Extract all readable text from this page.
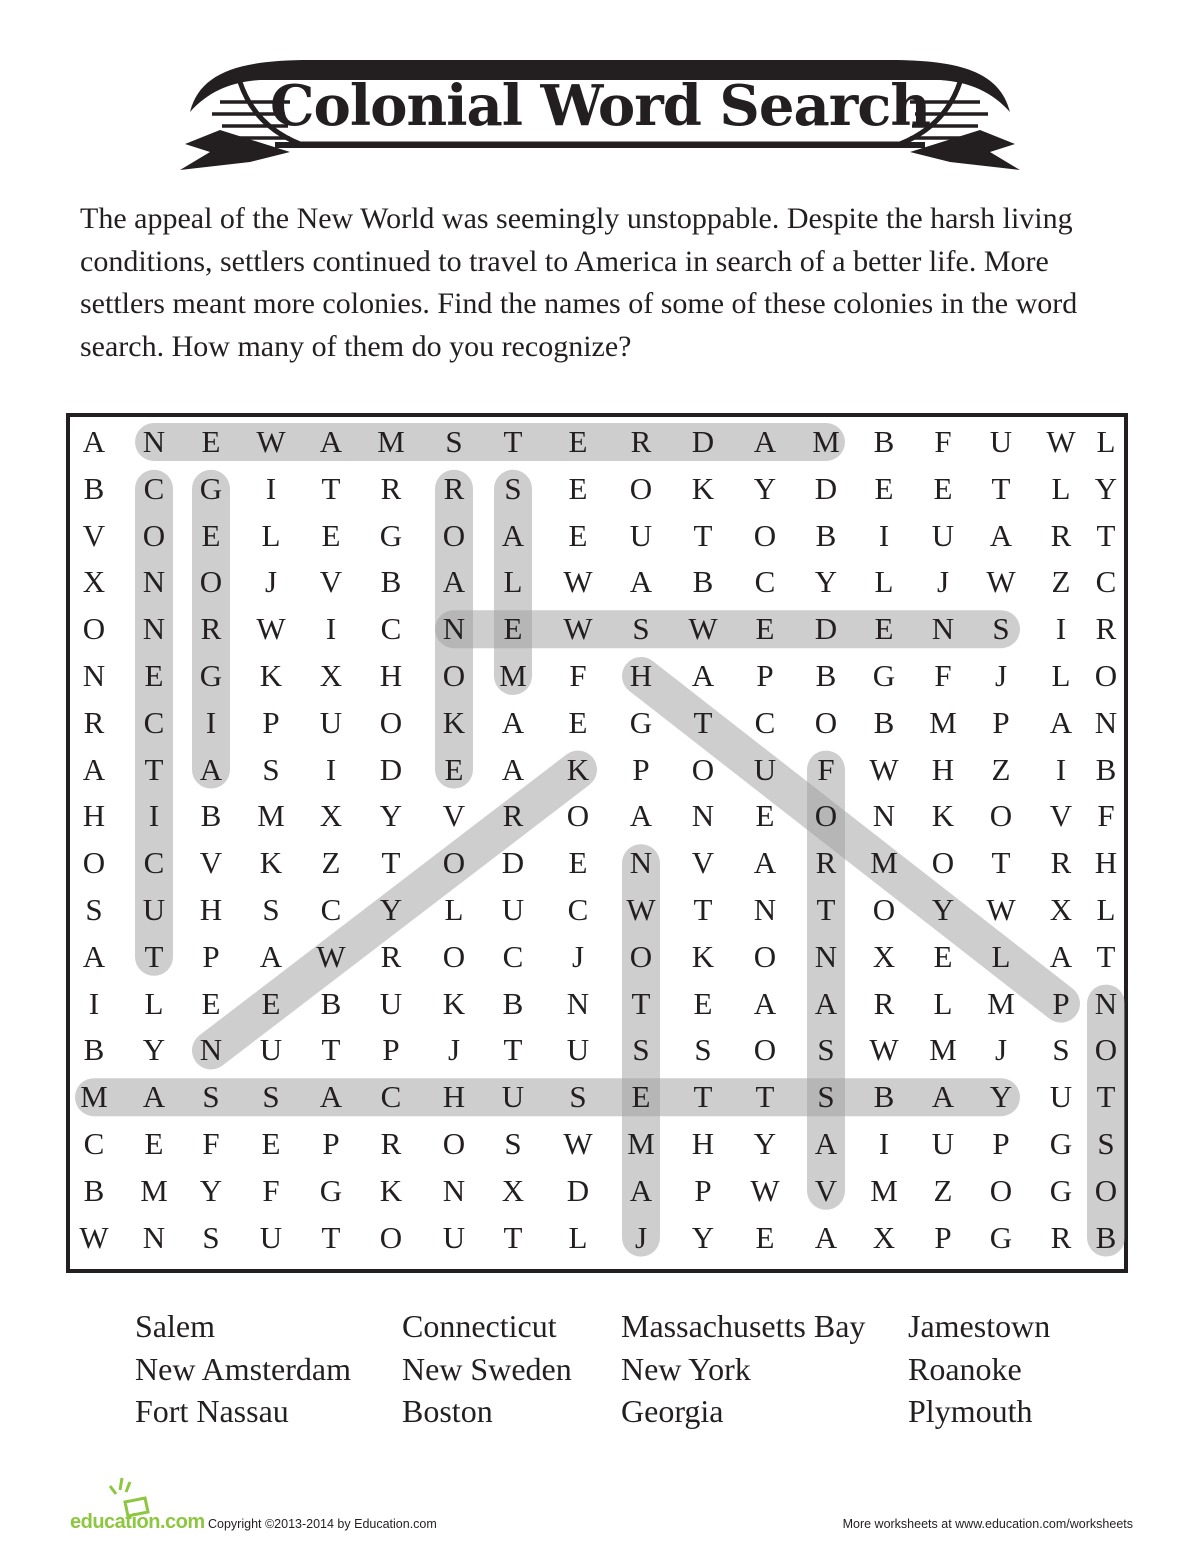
Colonial Word Search
The appeal of the New World was seemingly unstoppable. Despite the harsh living conditions, settlers continued to travel to America in search of a better life. More settlers meant more colonies. Find the names of some of these colonies in the word search. How many of them do you recognize?
A	N	E	W	A	M	S	T	E	R	D	A	M	B	F	U	W L
B	C	G	I	T	R	R	S	E	O	K	Y	D	E	E	T	L Y
V	O	E	L	E	G	O	A	E	U	T	O	B	I	U	A	R T
X	N	O	J	V	B	A	L	W	A	B	C	Y	L	J	W	Z C
O	N	R	W	I	C	N	E	W	S	W	E	D	E	N	S	I R
N	E	G	K	X	H	O	M	F	H	A	P	B	G	F	J	L O
R	C	I	P	U	O	K	A	E	G	T	C	O	B	M	P	A N
A	T	A	S	I	D	E	A	K	P	O	U	F	W	H	Z	I B
H	I	B	M	X	Y	V	R	O	A	N	E	O	N	K	O	V F
O	C	V	K	Z	T	O	D	E	N	V	A	R	M	O	T	R H
S	U	H	S	C	Y	L	U	C	W	T	N	T	O	Y	W	X L
A	T	P	A	W	R	O	C	J	O	K	O	N	X	E	L	A T
I	L	E	E	B	U	K	B	N	T	E	A	A	R	L	M	P N
B	Y	N	U	T	P	J	T	U	S	S	O	S	W M	J	S O
M	A	S	S	A	C	H	U	S	E	T	T	S	B	A	Y	U T
C	E	F	E	P	R	O	S	W	M	H	Y	A	I	U	P	G S
B	M	Y	F	G	K	N	X	D	A	P	W	V	M	Z	O	G O
W	N	S	U	T	O	U	T	L	J	Y	E	A	X	P	G	R B
Salem
New Amsterdam
Fort Nassau
Connecticut
New Sweden
Boston
Massachusetts Bay
New York
Georgia
Jamestown
Roanoke
Plymouth
education.com Copyright ©2013-2014 by Education.com	More worksheets at www.education.com/worksheets
